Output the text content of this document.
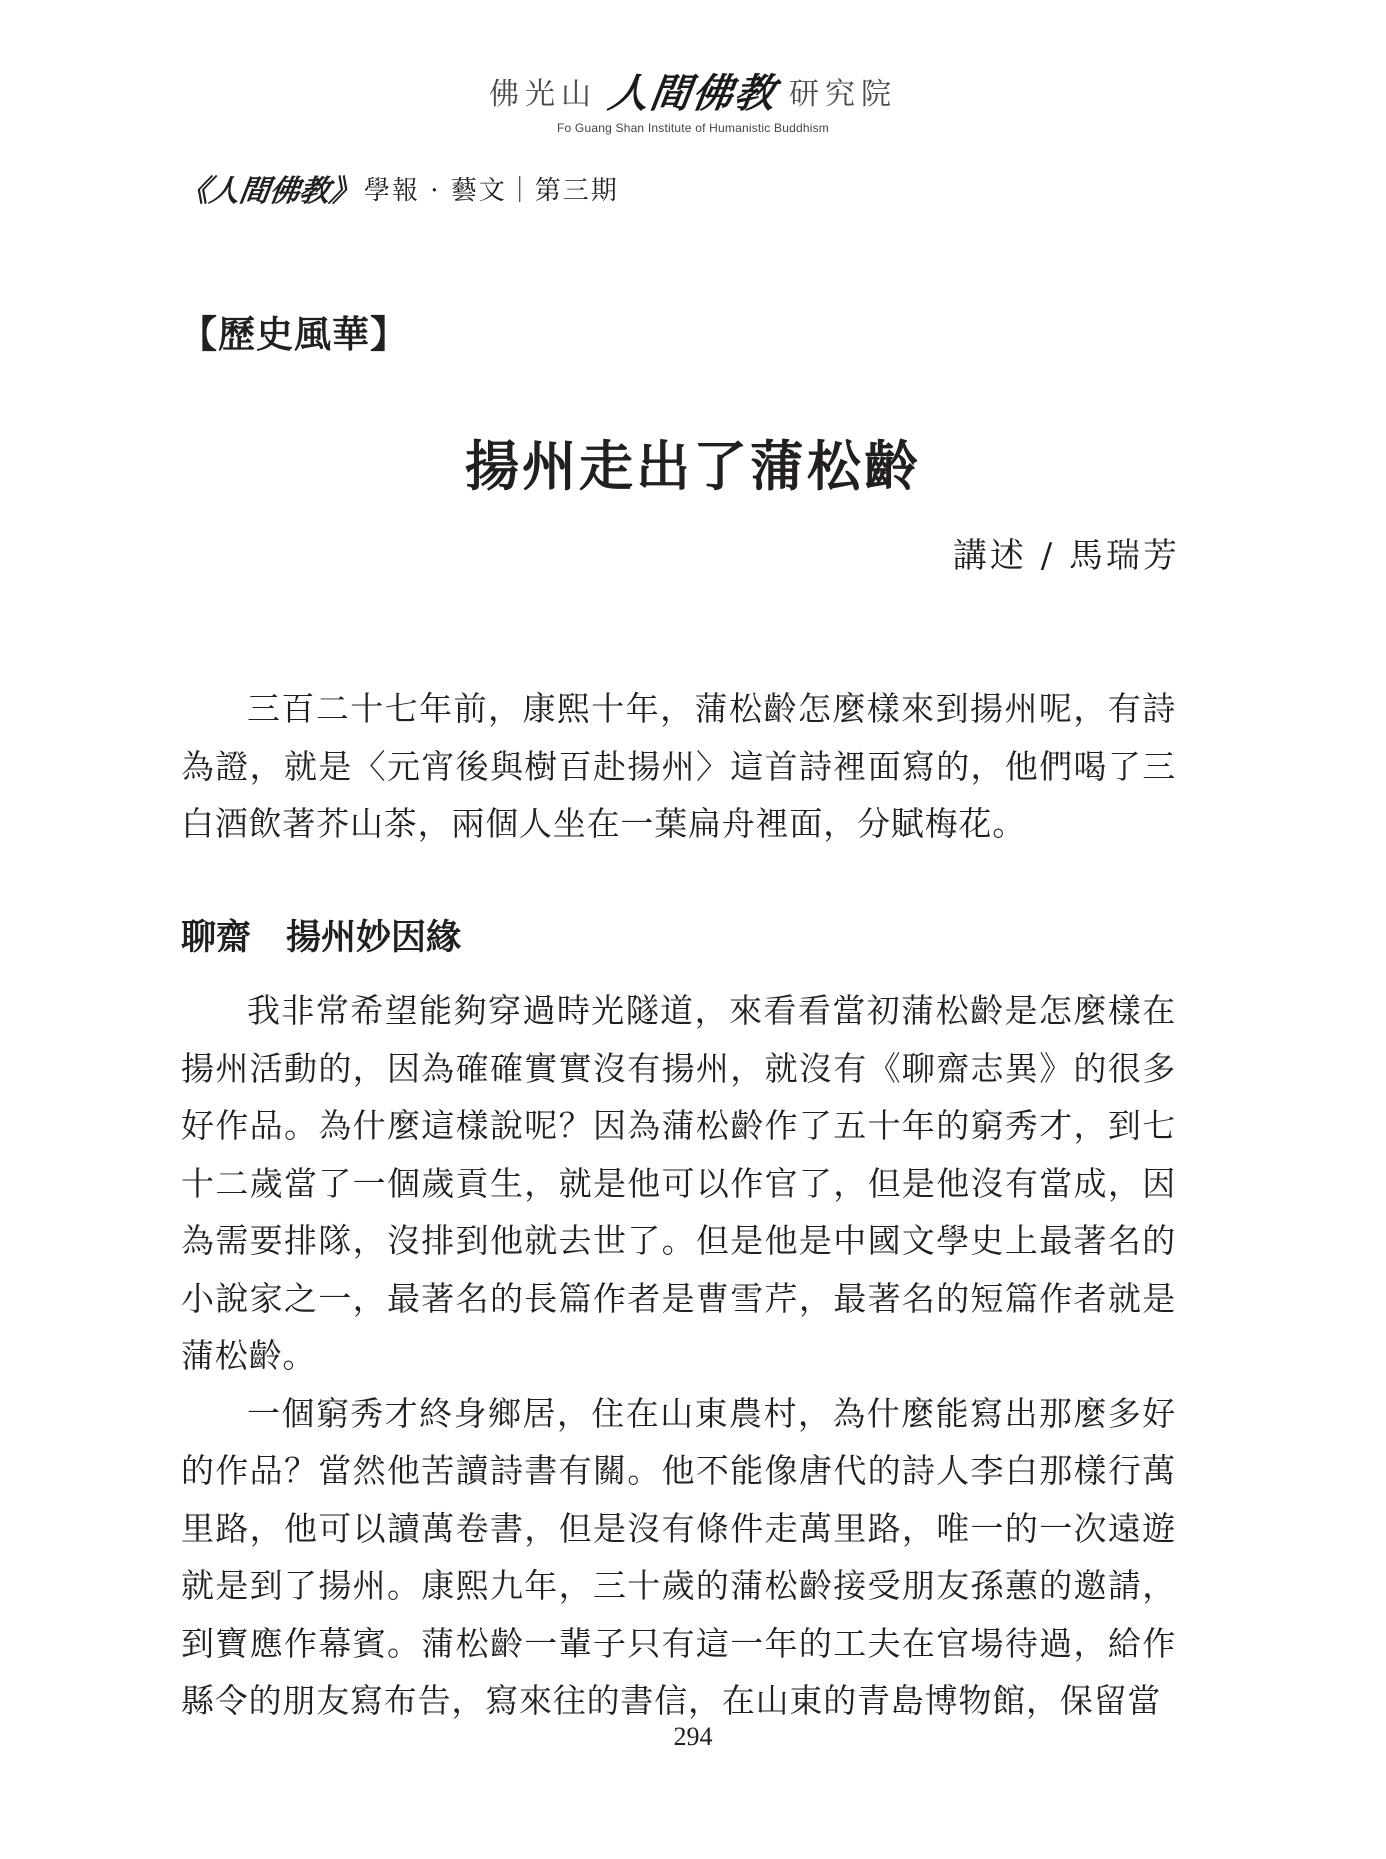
佛光山 人間佛教 研究院
Fo Guang Shan Institute of Humanistic Buddhism
《人間佛教》 學報 · 藝文｜第三期
【歷史風華】
揚州走出了蒲松齡
講述 / 馬瑞芳

三百二十七年前，康熙十年，蒲松齡怎麼樣來到揚州呢，有詩為證，就是〈元宵後與樹百赴揚州〉這首詩裡面寫的，他們喝了三白酒飲著芥山茶，兩個人坐在一葉扁舟裡面，分賦梅花。

聊齋　揚州妙因緣

我非常希望能夠穿過時光隧道，來看看當初蒲松齡是怎麼樣在揚州活動的，因為確確實實沒有揚州，就沒有《聊齋志異》的很多好作品。為什麼這樣說呢？因為蒲松齡作了五十年的窮秀才，到七十二歲當了一個歲貢生，就是他可以作官了，但是他沒有當成，因為需要排隊，沒排到他就去世了。但是他是中國文學史上最著名的小說家之一，最著名的長篇作者是曹雪芹，最著名的短篇作者就是蒲松齡。

一個窮秀才終身鄉居，住在山東農村，為什麼能寫出那麼多好的作品？當然他苦讀詩書有關。他不能像唐代的詩人李白那樣行萬里路，他可以讀萬卷書，但是沒有條件走萬里路，唯一的一次遠遊就是到了揚州。康熙九年，三十歲的蒲松齡接受朋友孫蕙的邀請，到寶應作幕賓。蒲松齡一輩子只有這一年的工夫在官場待過，給作縣令的朋友寫布告，寫來往的書信，在山東的青島博物館，保留當

294
